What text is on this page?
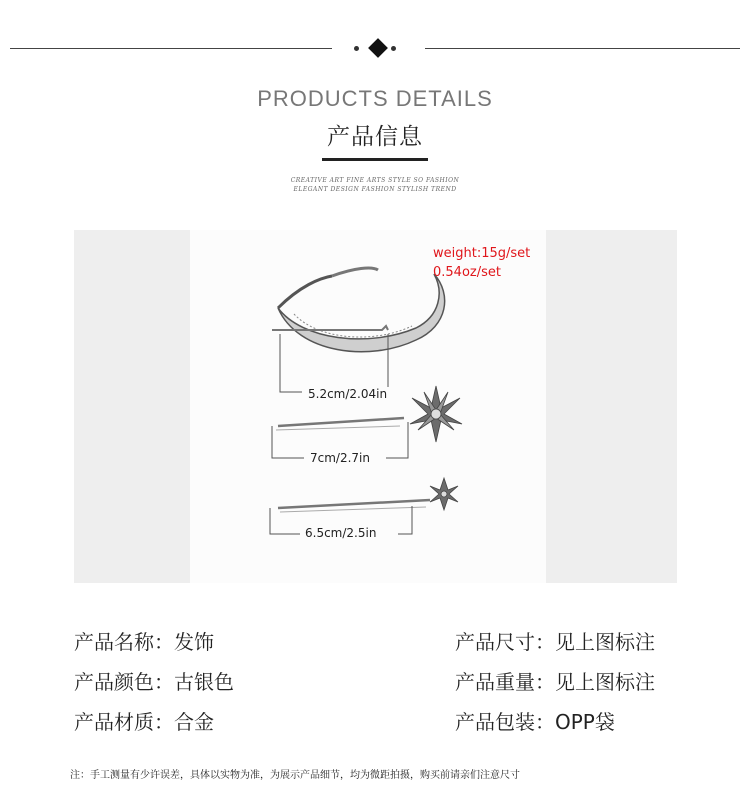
PRODUCTS DETAILS
产品信息
CREATIVE ART FINE ARTS STYLE SO FASHION
ELEGANT DESIGN FASHION STYLISH TREND
weight:15g/set
0.54oz/set
5.2cm/2.04in
7cm/2.7in
6.5cm/2.5in
产品名称：发饰
产品颜色：古银色
产品材质：合金
产品尺寸：见上图标注
产品重量：见上图标注
产品包装：OPP袋
注：手工测量有少许误差，具体以实物为准，为展示产品细节，均为微距拍摄，购买前请亲们注意尺寸
